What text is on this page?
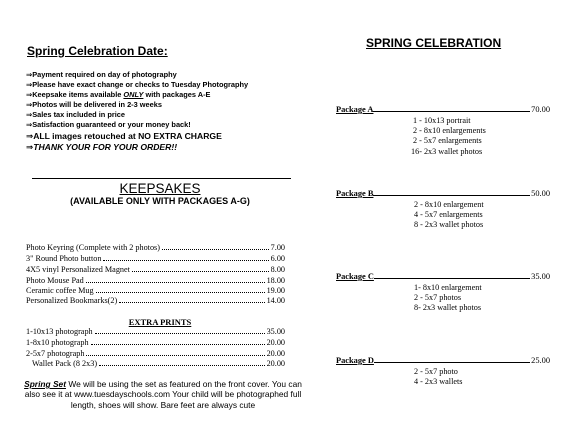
Spring Celebration Date:
⇒Payment required on day of photography
⇒Please have exact change or checks to Tuesday Photography
⇒Keepsake items available ONLY with packages A-E
⇒Photos will be delivered in 2-3 weeks
⇒Sales tax included in price
⇒Satisfaction guaranteed or your money back!
⇒ALL images retouched at NO EXTRA CHARGE
⇒THANK YOUR FOR YOUR ORDER!!
KEEPSAKES
(AVAILABLE ONLY WITH PACKAGES A-G)
Photo Keyring (Complete with 2 photos)	7.00
3" Round Photo button	6.00
4X5 vinyl Personalized Magnet	8.00
Photo Mouse Pad	18.00
Ceramic coffee Mug	19.00
Personalized Bookmarks(2)	14.00
EXTRA PRINTS
1-10x13 photograph	35.00
1-8x10 photograph	20.00
2-5x7 photograph	20.00
Wallet Pack (8 2x3)	20.00
Spring Set We will be using the set as featured on the front cover. You can also see it at www.tuesdayschools.com Your child will be photographed full length, shoes will show. Bare feet are always cute
SPRING CELEBRATION
Package A	70.00
1 - 10x13 portrait
2 - 8x10 enlargements
2 - 5x7 enlargements
16- 2x3 wallet photos
Package B	50.00
2 - 8x10 enlargement
4 - 5x7 enlargements
8 - 2x3 wallet photos
Package C	35.00
1- 8x10 enlargement
2 - 5x7 photos
8- 2x3 wallet photos
Package D	25.00
2 - 5x7 photo
4 - 2x3 wallets
